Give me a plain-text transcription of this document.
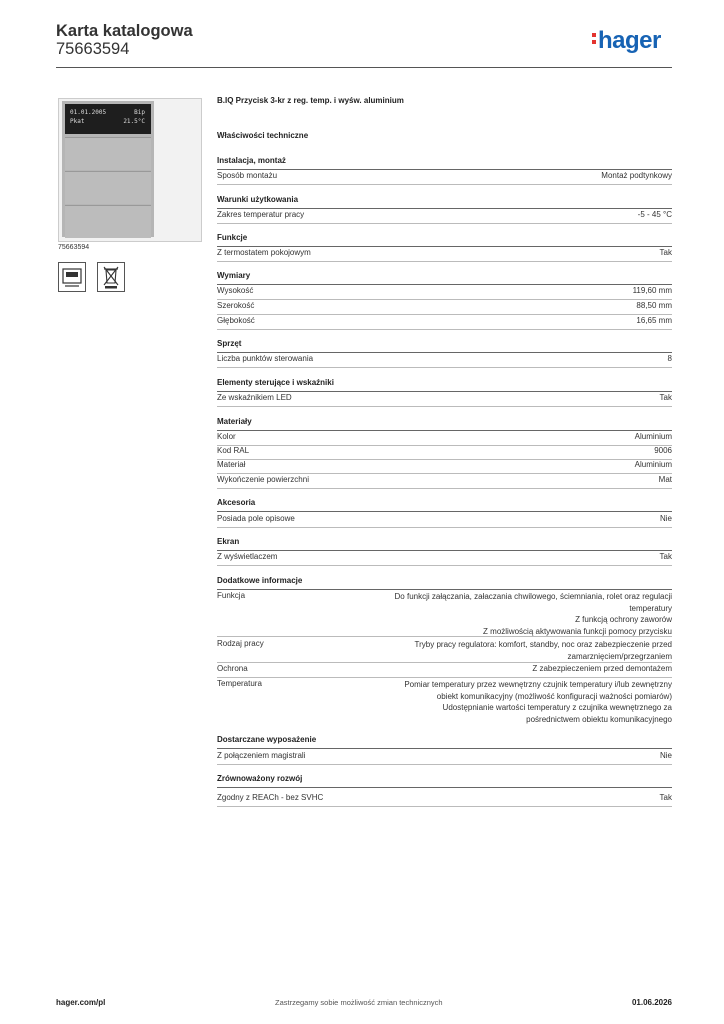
Karta katalogowa
75663594	hager
01.01.2005
Pkat
Bip
21.5°C
75663594
B.IQ Przycisk 3-kr z reg. temp. i wyśw. aluminium
Właściwości techniczne
Instalacja, montaż
Sposób montażu	Montaż podtynkowy
Warunki użytkowania
Zakres temperatur pracy	-5 - 45 °C
Funkcje
Z termostatem pokojowym	Tak
Wymiary
Wysokość	119,60 mm
Szerokość	88,50 mm
Głębokość	16,65 mm
Sprzęt
Liczba punktów sterowania	8
Elementy sterujące i wskaźniki
Ze wskaźnikiem LED	Tak
Materiały
Kolor	Aluminium
Kod RAL	9006
Materiał	Aluminium
Wykończenie powierzchni	Mat
Akcesoria
Posiada pole opisowe	Nie
Ekran
Z wyświetlaczem	Tak
Dodatkowe informacje
Funkcja	Do funkcji załączania, załaczania chwilowego, ściemniania, rolet oraz regulacji
temperatury
Z funkcją ochrony zaworów
Z możliwością aktywowania funkcji pomocy przycisku
Rodzaj pracy	Tryby pracy regulatora: komfort, standby, noc oraz zabezpieczenie przed
zamarznięciem/przegrzaniem
Ochrona	Z zabezpieczeniem przed demontażem
Temperatura	Pomiar temperatury przez wewnętrzny czujnik temperatury i/lub zewnętrzny
obiekt komunikacyjny (możliwość konfiguracji ważności pomiarów)
Udostępnianie wartości temperatury z czujnika wewnętrznego za
pośrednictwem obiektu komunikacyjnego
Dostarczane wyposażenie
Z połączeniem magistrali	Nie
Zrównoważony rozwój
Zgodny z REACh - bez SVHC	Tak
hager.com/pl	Zastrzegamy sobie możliwość zmian technicznych	01.06.2026
